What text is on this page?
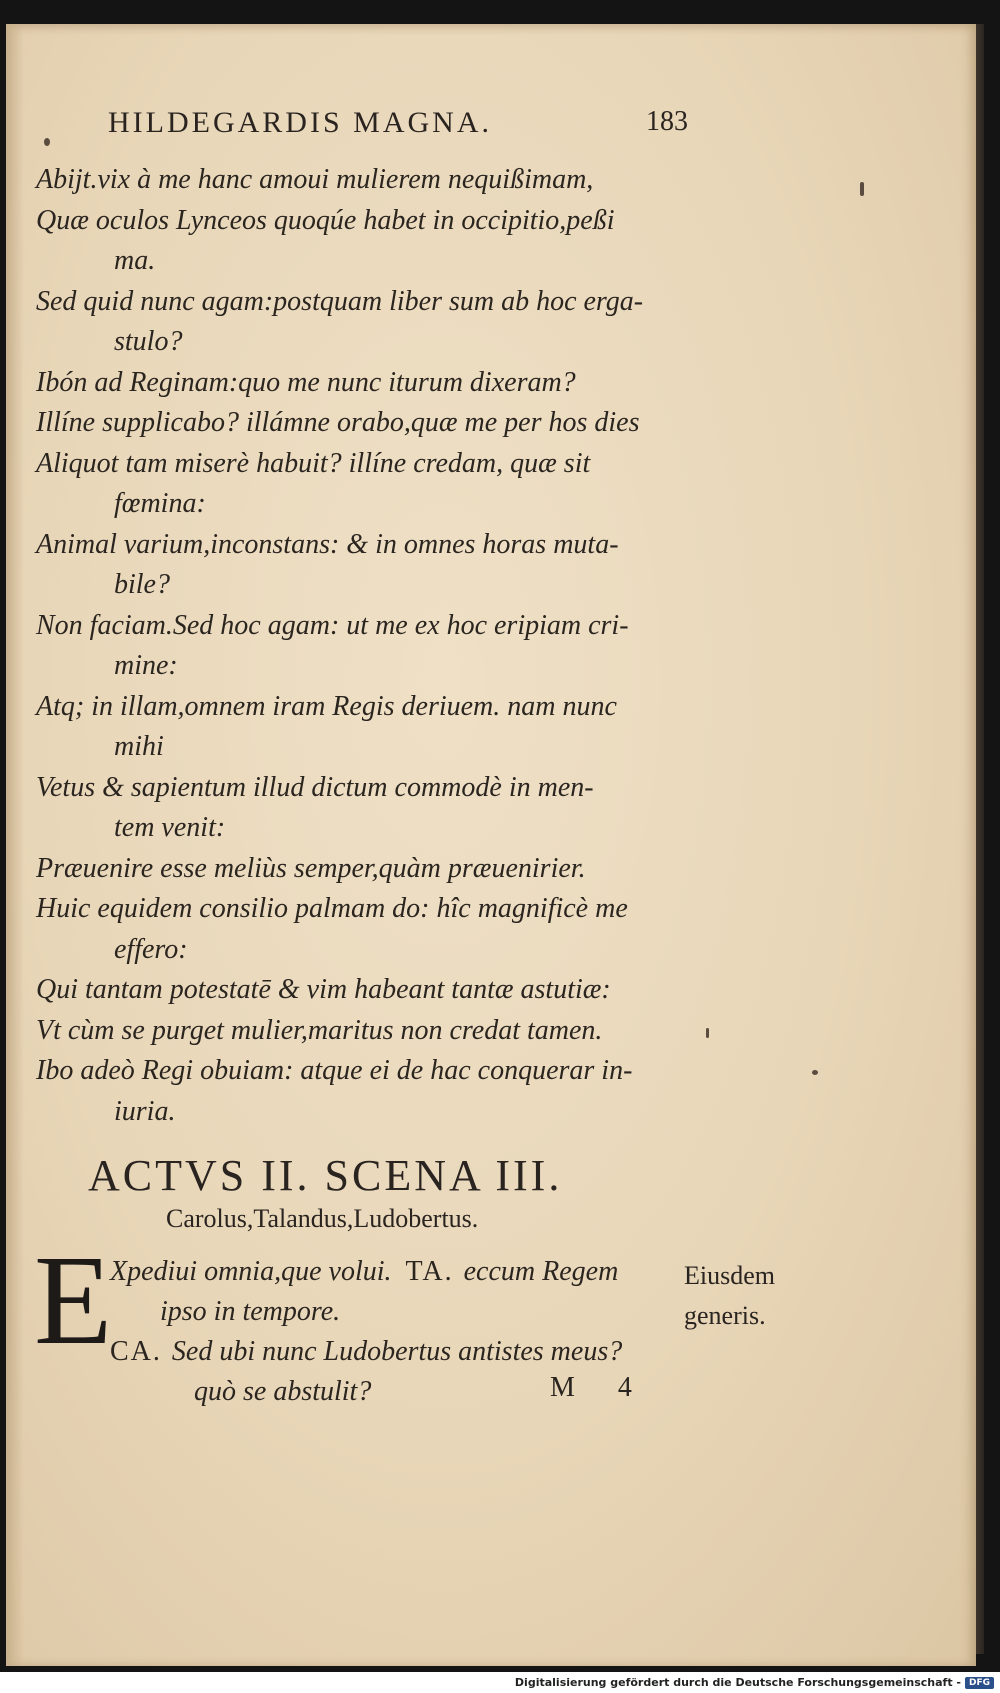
HILDEGARDIS MAGNA.	183
Abijt.vix à me hanc amoui mulierem nequißimam,
Quæ oculos Lynceos quoqúe habet in occipitio,peßi
ma.
Sed quid nunc agam:postquam liber sum ab hoc erga-
stulo?
Ibón ad Reginam:quo me nunc iturum dixeram?
Illíne supplicabo? illámne orabo,quæ me per hos dies
Aliquot tam miserè habuit? illíne credam, quæ sit
fœmina:
Animal varium,inconstans: & in omnes horas muta-
bile?
Non faciam.Sed hoc agam: ut me ex hoc eripiam cri-
mine:
Atq; in illam,omnem iram Regis deriuem. nam nunc
mihi
Vetus & sapientum illud dictum commodè in men-
tem venit:
Præuenire esse meliùs semper,quàm præuenirier.
Huic equidem consilio palmam do: hîc magnificè me
effero:
Qui tantam potestatē & vim habeant tantæ astutiæ:
Vt cùm se purget mulier,maritus non credat tamen.
Ibo adeò Regi obuiam: atque ei de hac conquerar in-
iuria.
ACTVS II. SCENA III.
Carolus,Talandus,Ludobertus.
E
Xpediui omnia,que volui. TA. eccum Regem
ipso in tempore.
CA. Sed ubi nunc Ludobertus antistes meus?
quò se abstulit?
Eiusdem
generis.
M 4
Digitalisierung gefördert durch die Deutsche Forschungsgemeinschaft - DFG
